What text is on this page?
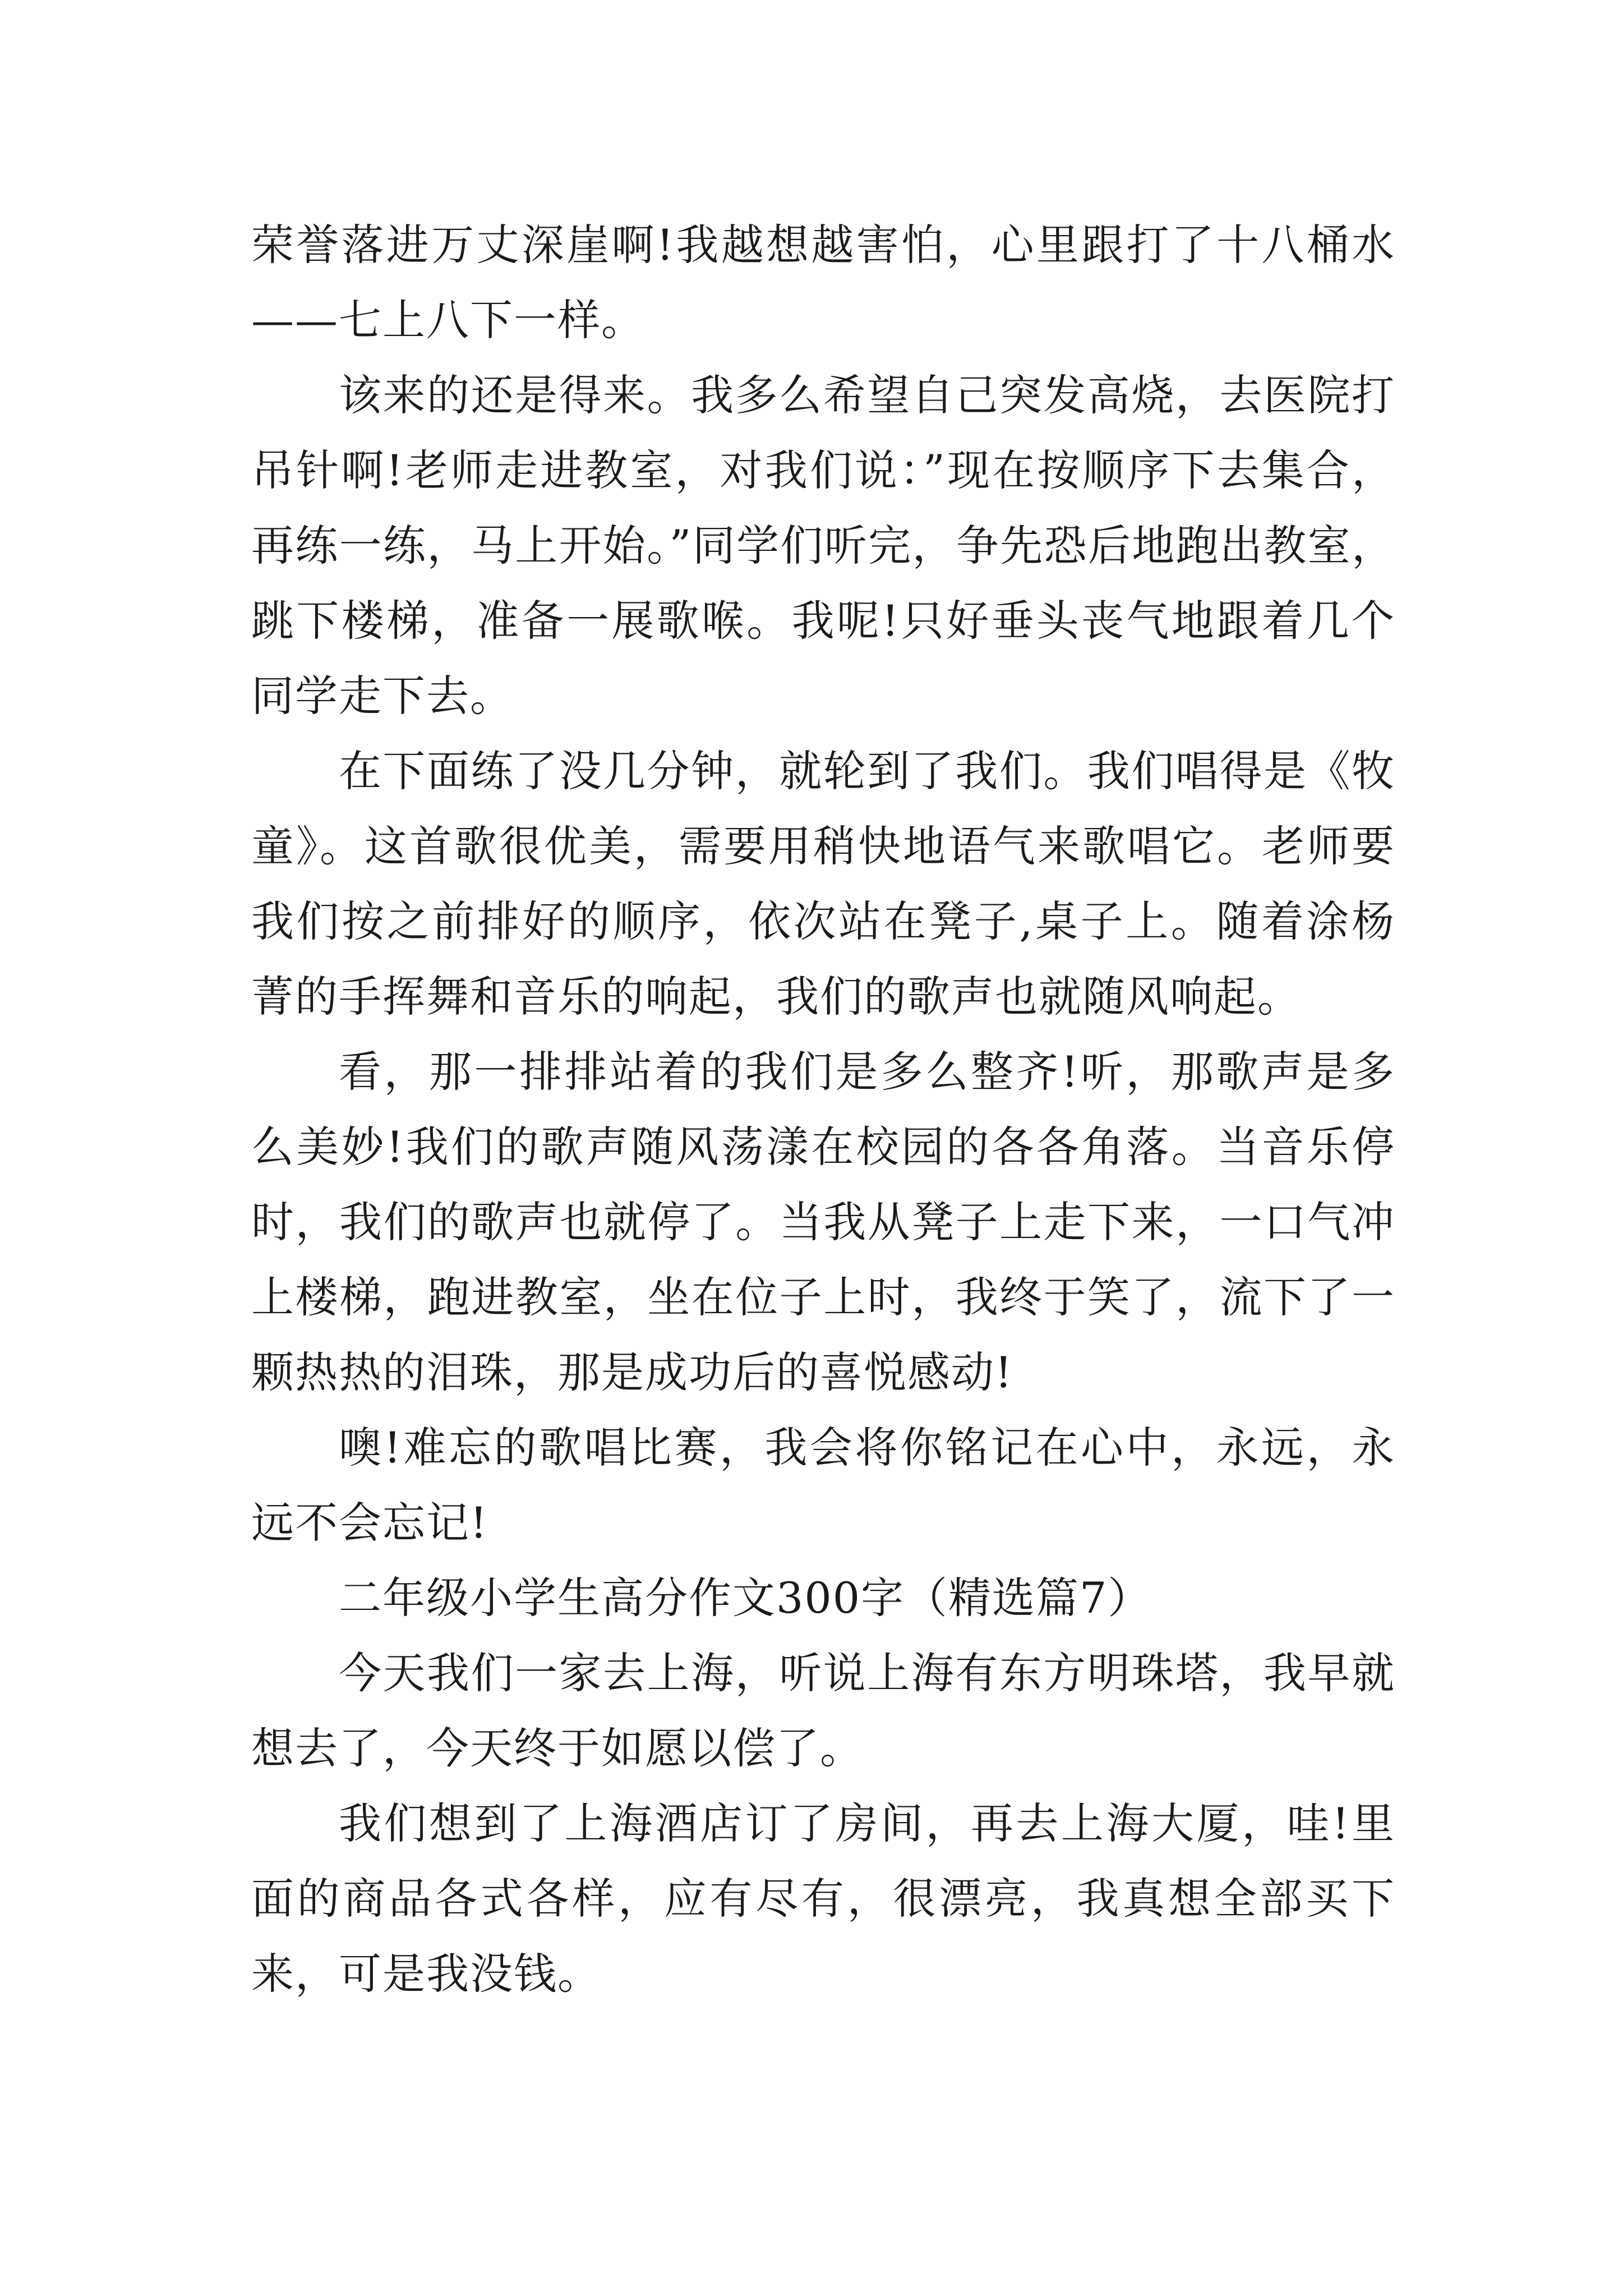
荣誉落进万丈深崖啊!我越想越害怕，心里跟打了十八桶水——七上八下一样。

该来的还是得来。我多么希望自己突发高烧，去医院打吊针啊!老师走进教室，对我们说：”现在按顺序下去集合，再练一练，马上开始。”同学们听完，争先恐后地跑出教室，跳下楼梯，准备一展歌喉。我呢!只好垂头丧气地跟着几个同学走下去。

在下面练了没几分钟，就轮到了我们。我们唱得是《牧童》。这首歌很优美，需要用稍快地语气来歌唱它。老师要我们按之前排好的顺序，依次站在凳子,桌子上。随着涂杨菁的手挥舞和音乐的响起，我们的歌声也就随风响起。

看，那一排排站着的我们是多么整齐!听，那歌声是多么美妙!我们的歌声随风荡漾在校园的各各角落。当音乐停时，我们的歌声也就停了。当我从凳子上走下来，一口气冲上楼梯，跑进教室，坐在位子上时，我终于笑了，流下了一颗热热的泪珠，那是成功后的喜悦感动!

噢!难忘的歌唱比赛，我会将你铭记在心中，永远，永远不会忘记!

二年级小学生高分作文300字（精选篇7）

今天我们一家去上海，听说上海有东方明珠塔，我早就想去了，今天终于如愿以偿了。

我们想到了上海酒店订了房间，再去上海大厦，哇!里面的商品各式各样，应有尽有，很漂亮，我真想全部买下来，可是我没钱。
